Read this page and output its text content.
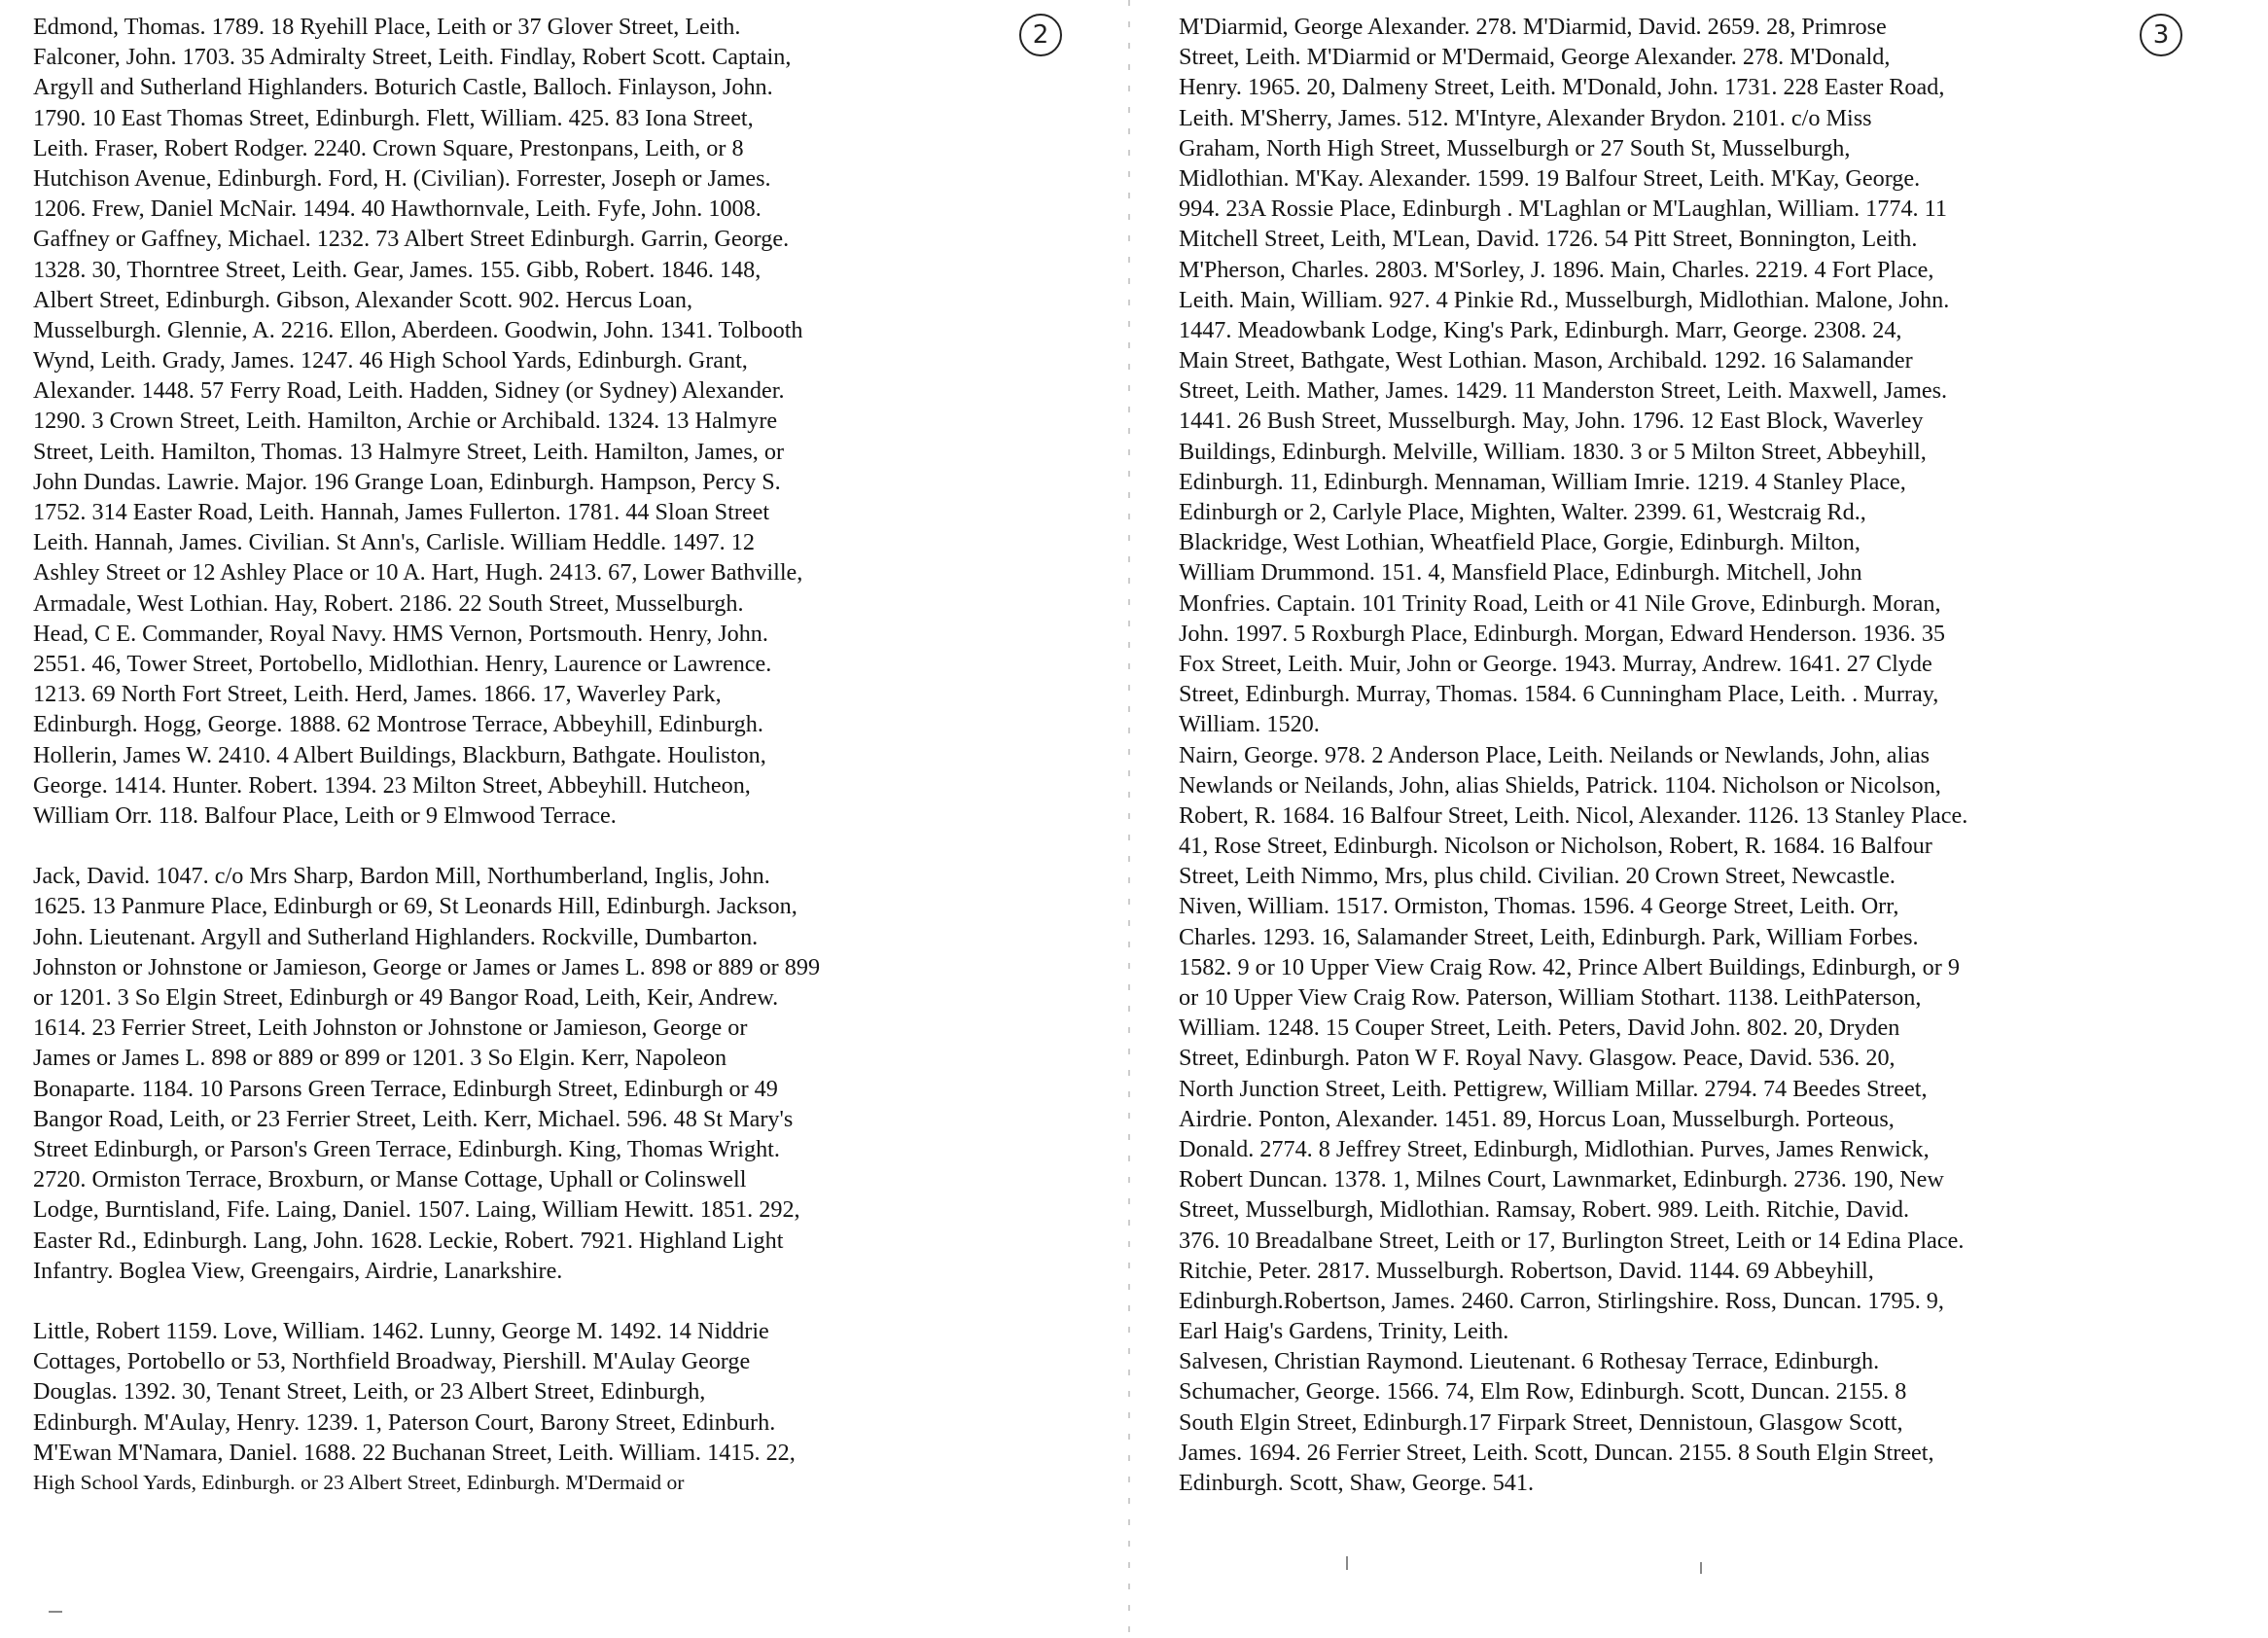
2
Edmond, Thomas. 1789. 18 Ryehill Place, Leith or 37 Glover Street, Leith.
Falconer, John. 1703. 35 Admiralty Street, Leith. Findlay, Robert Scott. Captain,
Argyll and Sutherland Highlanders. Boturich Castle, Balloch. Finlayson, John.
1790. 10 East Thomas Street, Edinburgh. Flett, William. 425. 83 Iona Street,
Leith. Fraser, Robert Rodger. 2240. Crown Square, Prestonpans, Leith, or 8
Hutchison Avenue, Edinburgh. Ford, H. (Civilian). Forrester, Joseph or James.
1206. Frew, Daniel McNair. 1494. 40 Hawthornvale, Leith. Fyfe, John. 1008.
Gaffney or Gaffney, Michael. 1232. 73 Albert Street Edinburgh. Garrin, George.
1328. 30, Thorntree Street, Leith. Gear, James. 155. Gibb, Robert. 1846. 148,
Albert Street, Edinburgh. Gibson, Alexander Scott. 902. Hercus Loan,
Musselburgh. Glennie, A. 2216. Ellon, Aberdeen. Goodwin, John. 1341. Tolbooth
Wynd, Leith. Grady, James. 1247. 46 High School Yards, Edinburgh. Grant,
Alexander. 1448. 57 Ferry Road, Leith. Hadden, Sidney (or Sydney) Alexander.
1290. 3 Crown Street, Leith. Hamilton, Archie or Archibald. 1324. 13 Halmyre
Street, Leith. Hamilton, Thomas. 13 Halmyre Street, Leith. Hamilton, James, or
John Dundas. Lawrie. Major. 196 Grange Loan, Edinburgh. Hampson, Percy S.
1752. 314 Easter Road, Leith. Hannah, James Fullerton. 1781. 44 Sloan Street
Leith. Hannah, James. Civilian. St Ann's, Carlisle. William Heddle. 1497. 12
Ashley Street or 12 Ashley Place or 10 A. Hart, Hugh. 2413. 67, Lower Bathville,
Armadale, West Lothian. Hay, Robert. 2186. 22 South Street, Musselburgh.
Head, C E. Commander, Royal Navy. HMS Vernon, Portsmouth. Henry, John.
2551. 46, Tower Street, Portobello, Midlothian. Henry, Laurence or Lawrence.
1213. 69 North Fort Street, Leith. Herd, James. 1866. 17, Waverley Park,
Edinburgh. Hogg, George. 1888. 62 Montrose Terrace, Abbeyhill, Edinburgh.
Hollerin, James W. 2410. 4 Albert Buildings, Blackburn, Bathgate. Houliston,
George. 1414. Hunter. Robert. 1394. 23 Milton Street, Abbeyhill. Hutcheon,
William Orr. 118. Balfour Place, Leith or 9 Elmwood Terrace.
Jack, David. 1047. c/o Mrs Sharp, Bardon Mill, Northumberland, Inglis, John.
1625. 13 Panmure Place, Edinburgh or 69, St Leonards Hill, Edinburgh. Jackson,
John. Lieutenant. Argyll and Sutherland Highlanders. Rockville, Dumbarton.
Johnston or Johnstone or Jamieson, George or James or James L. 898 or 889 or 899
or 1201. 3 So Elgin Street, Edinburgh or 49 Bangor Road, Leith, Keir, Andrew.
1614. 23 Ferrier Street, Leith Johnston or Johnstone or Jamieson, George or
James or James L. 898 or 889 or 899 or 1201. 3 So Elgin. Kerr, Napoleon
Bonaparte. 1184. 10 Parsons Green Terrace, Edinburgh Street, Edinburgh or 49
Bangor Road, Leith, or 23 Ferrier Street, Leith. Kerr, Michael. 596. 48 St Mary's
Street Edinburgh, or Parson's Green Terrace, Edinburgh. King, Thomas Wright.
2720. Ormiston Terrace, Broxburn, or Manse Cottage, Uphall or Colinswell
Lodge, Burntisland, Fife. Laing, Daniel. 1507. Laing, William Hewitt. 1851. 292,
Easter Rd., Edinburgh. Lang, John. 1628. Leckie, Robert. 7921. Highland Light
Infantry. Boglea View, Greengairs, Airdrie, Lanarkshire.
Little, Robert 1159. Love, William. 1462. Lunny, George M. 1492. 14 Niddrie
Cottages, Portobello or 53, Northfield Broadway, Piershill. M'Aulay George
Douglas. 1392. 30, Tenant Street, Leith, or 23 Albert Street, Edinburgh,
Edinburgh. M'Aulay, Henry. 1239. 1, Paterson Court, Barony Street, Edinburh.
M'Ewan M'Namara, Daniel. 1688. 22 Buchanan Street, Leith. William. 1415. 22,
High School Yards, Edinburgh. or 23 Albert Street, Edinburgh. M'Dermaid or
3
M'Diarmid, George Alexander. 278. M'Diarmid, David. 2659. 28, Primrose
Street, Leith. M'Diarmid or M'Dermaid, George Alexander. 278. M'Donald,
Henry. 1965. 20, Dalmeny Street, Leith. M'Donald, John. 1731. 228 Easter Road,
Leith. M'Sherry, James. 512. M'Intyre, Alexander Brydon. 2101. c/o Miss
Graham, North High Street, Musselburgh or 27 South St, Musselburgh,
Midlothian. M'Kay. Alexander. 1599. 19 Balfour Street, Leith. M'Kay, George.
994. 23A Rossie Place, Edinburgh . M'Laghlan or M'Laughlan, William. 1774. 11
Mitchell Street, Leith, M'Lean, David. 1726. 54 Pitt Street, Bonnington, Leith.
M'Pherson, Charles. 2803. M'Sorley, J. 1896. Main, Charles. 2219. 4 Fort Place,
Leith. Main, William. 927. 4 Pinkie Rd., Musselburgh, Midlothian. Malone, John.
1447. Meadowbank Lodge, King's Park, Edinburgh. Marr, George. 2308. 24,
Main Street, Bathgate, West Lothian. Mason, Archibald. 1292. 16 Salamander
Street, Leith. Mather, James. 1429. 11 Manderston Street, Leith. Maxwell, James.
1441. 26 Bush Street, Musselburgh. May, John. 1796. 12 East Block, Waverley
Buildings, Edinburgh. Melville, William. 1830. 3 or 5 Milton Street, Abbeyhill,
Edinburgh. 11, Edinburgh. Mennaman, William Imrie. 1219. 4 Stanley Place,
Edinburgh or 2, Carlyle Place, Mighten, Walter. 2399. 61, Westcraig Rd.,
Blackridge, West Lothian, Wheatfield Place, Gorgie, Edinburgh. Milton,
William Drummond. 151. 4, Mansfield Place, Edinburgh. Mitchell, John
Monfries. Captain. 101 Trinity Road, Leith or 41 Nile Grove, Edinburgh. Moran,
John. 1997. 5 Roxburgh Place, Edinburgh. Morgan, Edward Henderson. 1936. 35
Fox Street, Leith. Muir, John or George. 1943. Murray, Andrew. 1641. 27 Clyde
Street, Edinburgh. Murray, Thomas. 1584. 6 Cunningham Place, Leith. . Murray,
William. 1520.
Nairn, George. 978. 2 Anderson Place, Leith. Neilands or Newlands, John, alias
Newlands or Neilands, John, alias Shields, Patrick. 1104. Nicholson or Nicolson,
Robert, R. 1684. 16 Balfour Street, Leith. Nicol, Alexander. 1126. 13 Stanley Place.
41, Rose Street, Edinburgh. Nicolson or Nicholson, Robert, R. 1684. 16 Balfour
Street, Leith Nimmo, Mrs, plus child. Civilian. 20 Crown Street, Newcastle.
Niven, William. 1517. Ormiston, Thomas. 1596. 4 George Street, Leith. Orr,
Charles. 1293. 16, Salamander Street, Leith, Edinburgh. Park, William Forbes.
1582. 9 or 10 Upper View Craig Row. 42, Prince Albert Buildings, Edinburgh, or 9
or 10 Upper View Craig Row. Paterson, William Stothart. 1138. LeithPaterson,
William. 1248. 15 Couper Street, Leith. Peters, David John. 802. 20, Dryden
Street, Edinburgh. Paton W F. Royal Navy. Glasgow. Peace, David. 536. 20,
North Junction Street, Leith. Pettigrew, William Millar. 2794. 74 Beedes Street,
Airdrie. Ponton, Alexander. 1451. 89, Horcus Loan, Musselburgh. Porteous,
Donald. 2774. 8 Jeffrey Street, Edinburgh, Midlothian. Purves, James Renwick,
Robert Duncan. 1378. 1, Milnes Court, Lawnmarket, Edinburgh. 2736. 190, New
Street, Musselburgh, Midlothian. Ramsay, Robert. 989. Leith. Ritchie, David.
376. 10 Breadalbane Street, Leith or 17, Burlington Street, Leith or 14 Edina Place.
Ritchie, Peter. 2817. Musselburgh. Robertson, David. 1144. 69 Abbeyhill,
Edinburgh.Robertson, James. 2460. Carron, Stirlingshire. Ross, Duncan. 1795. 9,
Earl Haig's Gardens, Trinity, Leith.
Salvesen, Christian Raymond. Lieutenant. 6 Rothesay Terrace, Edinburgh.
Schumacher, George. 1566. 74, Elm Row, Edinburgh. Scott, Duncan. 2155. 8
South Elgin Street, Edinburgh.17 Firpark Street, Dennistoun, Glasgow Scott,
James. 1694. 26 Ferrier Street, Leith. Scott, Duncan. 2155. 8 South Elgin Street,
Edinburgh. Scott, Shaw, George. 541.
